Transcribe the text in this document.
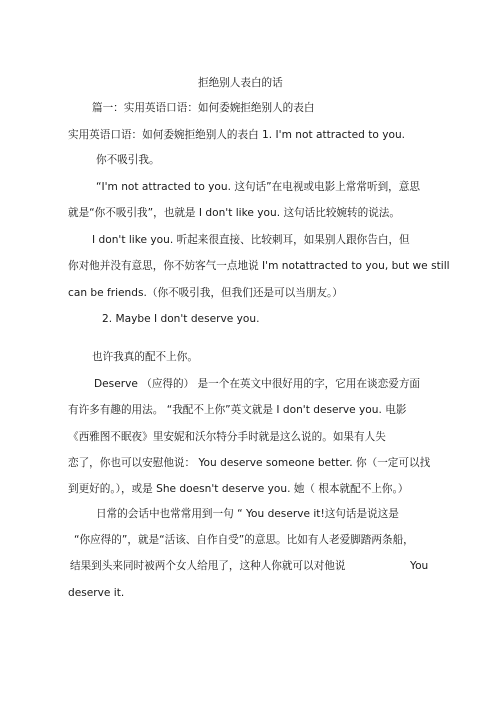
拒绝别人表白的话
篇一：实用英语口语：如何委婉拒绝别人的表白
实用英语口语：如何委婉拒绝别人的表白 1. I'm not attracted to you.
你不吸引我。
“I'm not attracted to you. 这句话”在电视或电影上常常听到，意思
就是“你不吸引我”，也就是 I don't like you. 这句话比较婉转的说法。
I don't like you. 听起来很直接、比较刺耳，如果别人跟你告白，但
你对他并没有意思，你不妨客气一点地说 I'm notattracted to you, but we still
can be friends.（你不吸引我，但我们还是可以当朋友。）
2. Maybe I don't deserve you.
也许我真的配不上你。
Deserve （应得的） 是一个在英文中很好用的字，它用在谈恋爱方面
有许多有趣的用法。 “我配不上你”英文就是 I don't deserve you. 电影
《西雅图不眠夜》里安妮和沃尔特分手时就是这么说的。如果有人失
恋了，你也可以安慰他说： You deserve someone better. 你（一定可以找
到更好的。），或是 She doesn't deserve you. 她（ 根本就配不上你。）
日常的会话中也常常用到一句 “ You deserve it!这句话是说这是
“你应得的”，就是“活该、自作自受”的意思。比如有人老爱脚踏两条船，
结果到头来同时被两个女人给甩了，这种人你就可以对他说	You
deserve it.
